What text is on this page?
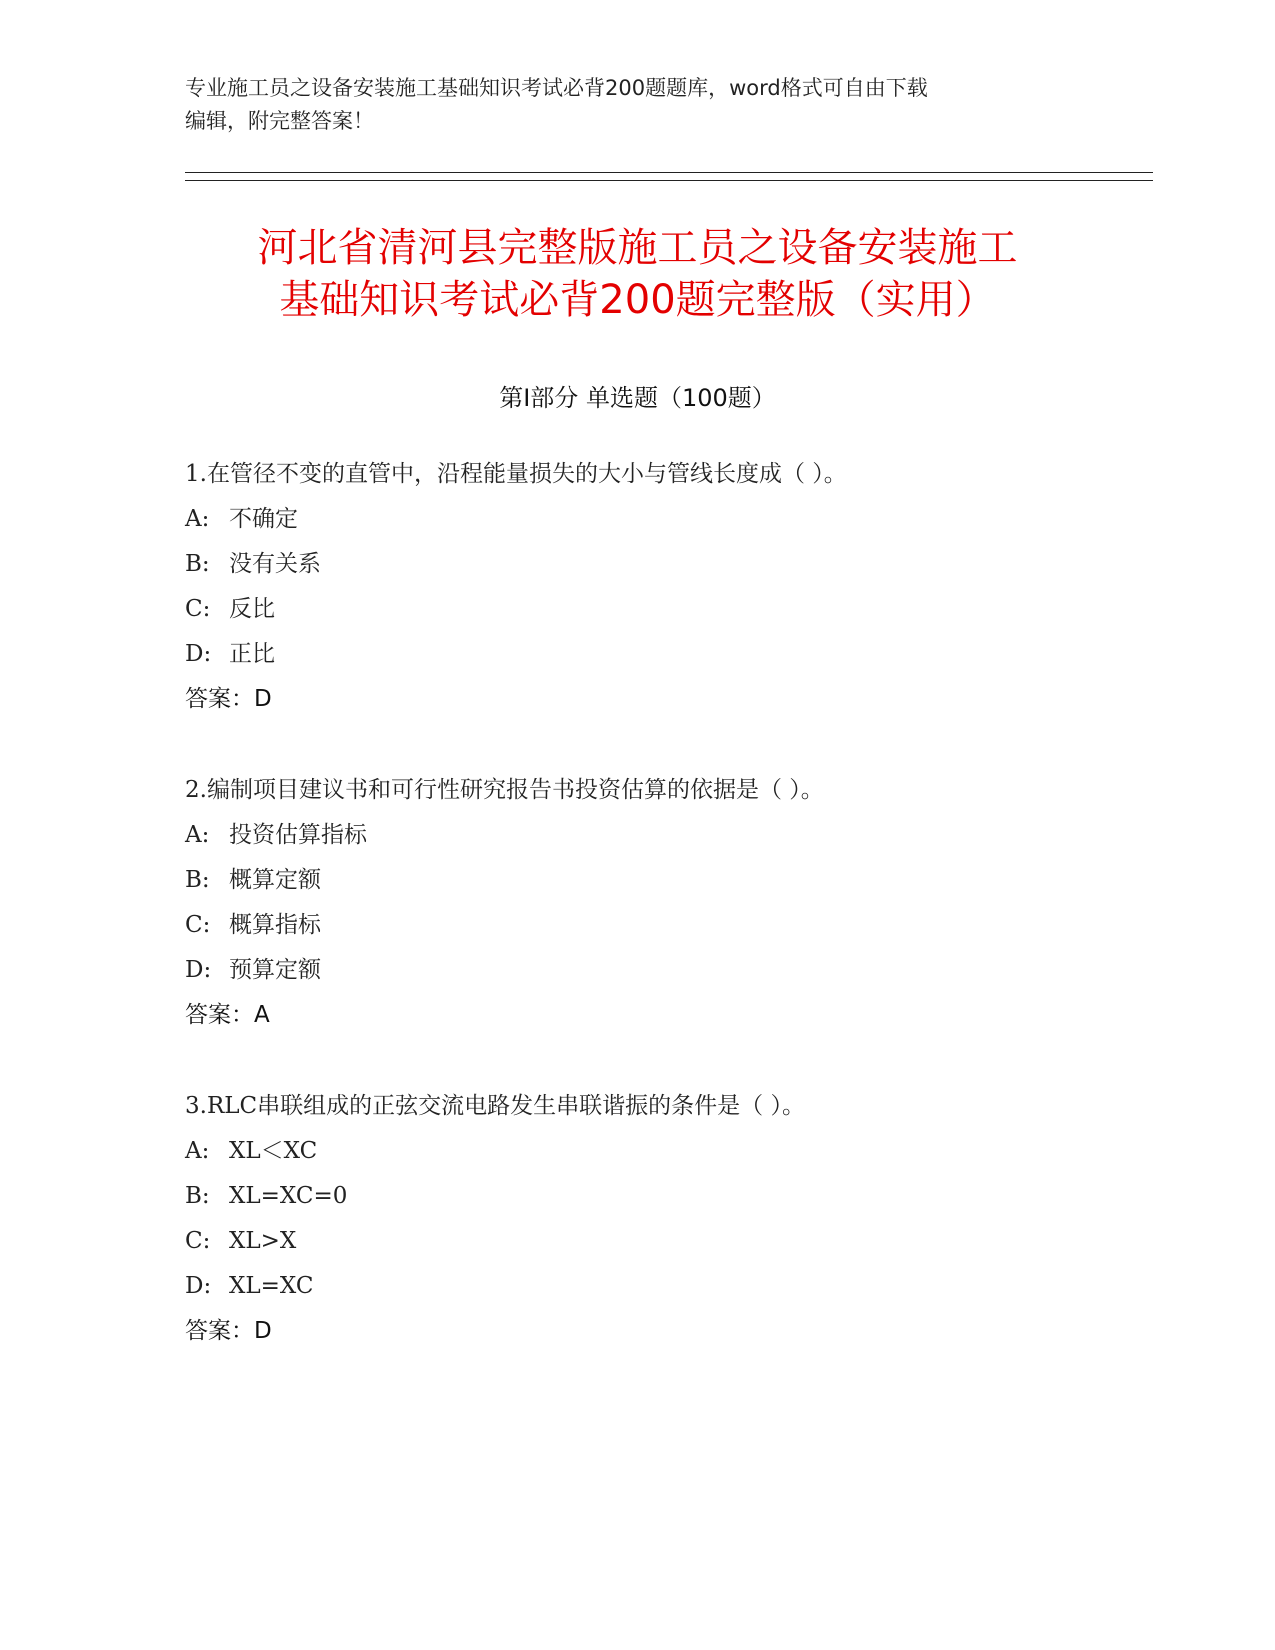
专业施工员之设备安装施工基础知识考试必背200题题库，word格式可自由下载
编辑，附完整答案！
河北省清河县完整版施工员之设备安装施工
基础知识考试必背200题完整版（实用）
第Ⅰ部分 单选题（100题）
1.在管径不变的直管中，沿程能量损失的大小与管线长度成（ ）。
A: 不确定
B: 没有关系
C: 反比
D: 正比
答案：D
2.编制项目建议书和可行性研究报告书投资估算的依据是（ ）。
A: 投资估算指标
B: 概算定额
C: 概算指标
D: 预算定额
答案：A
3.RLC串联组成的正弦交流电路发生串联谐振的条件是（ ）。
A: XL＜XC
B: XL=XC=0
C: XL>X
D: XL=XC
答案：D
